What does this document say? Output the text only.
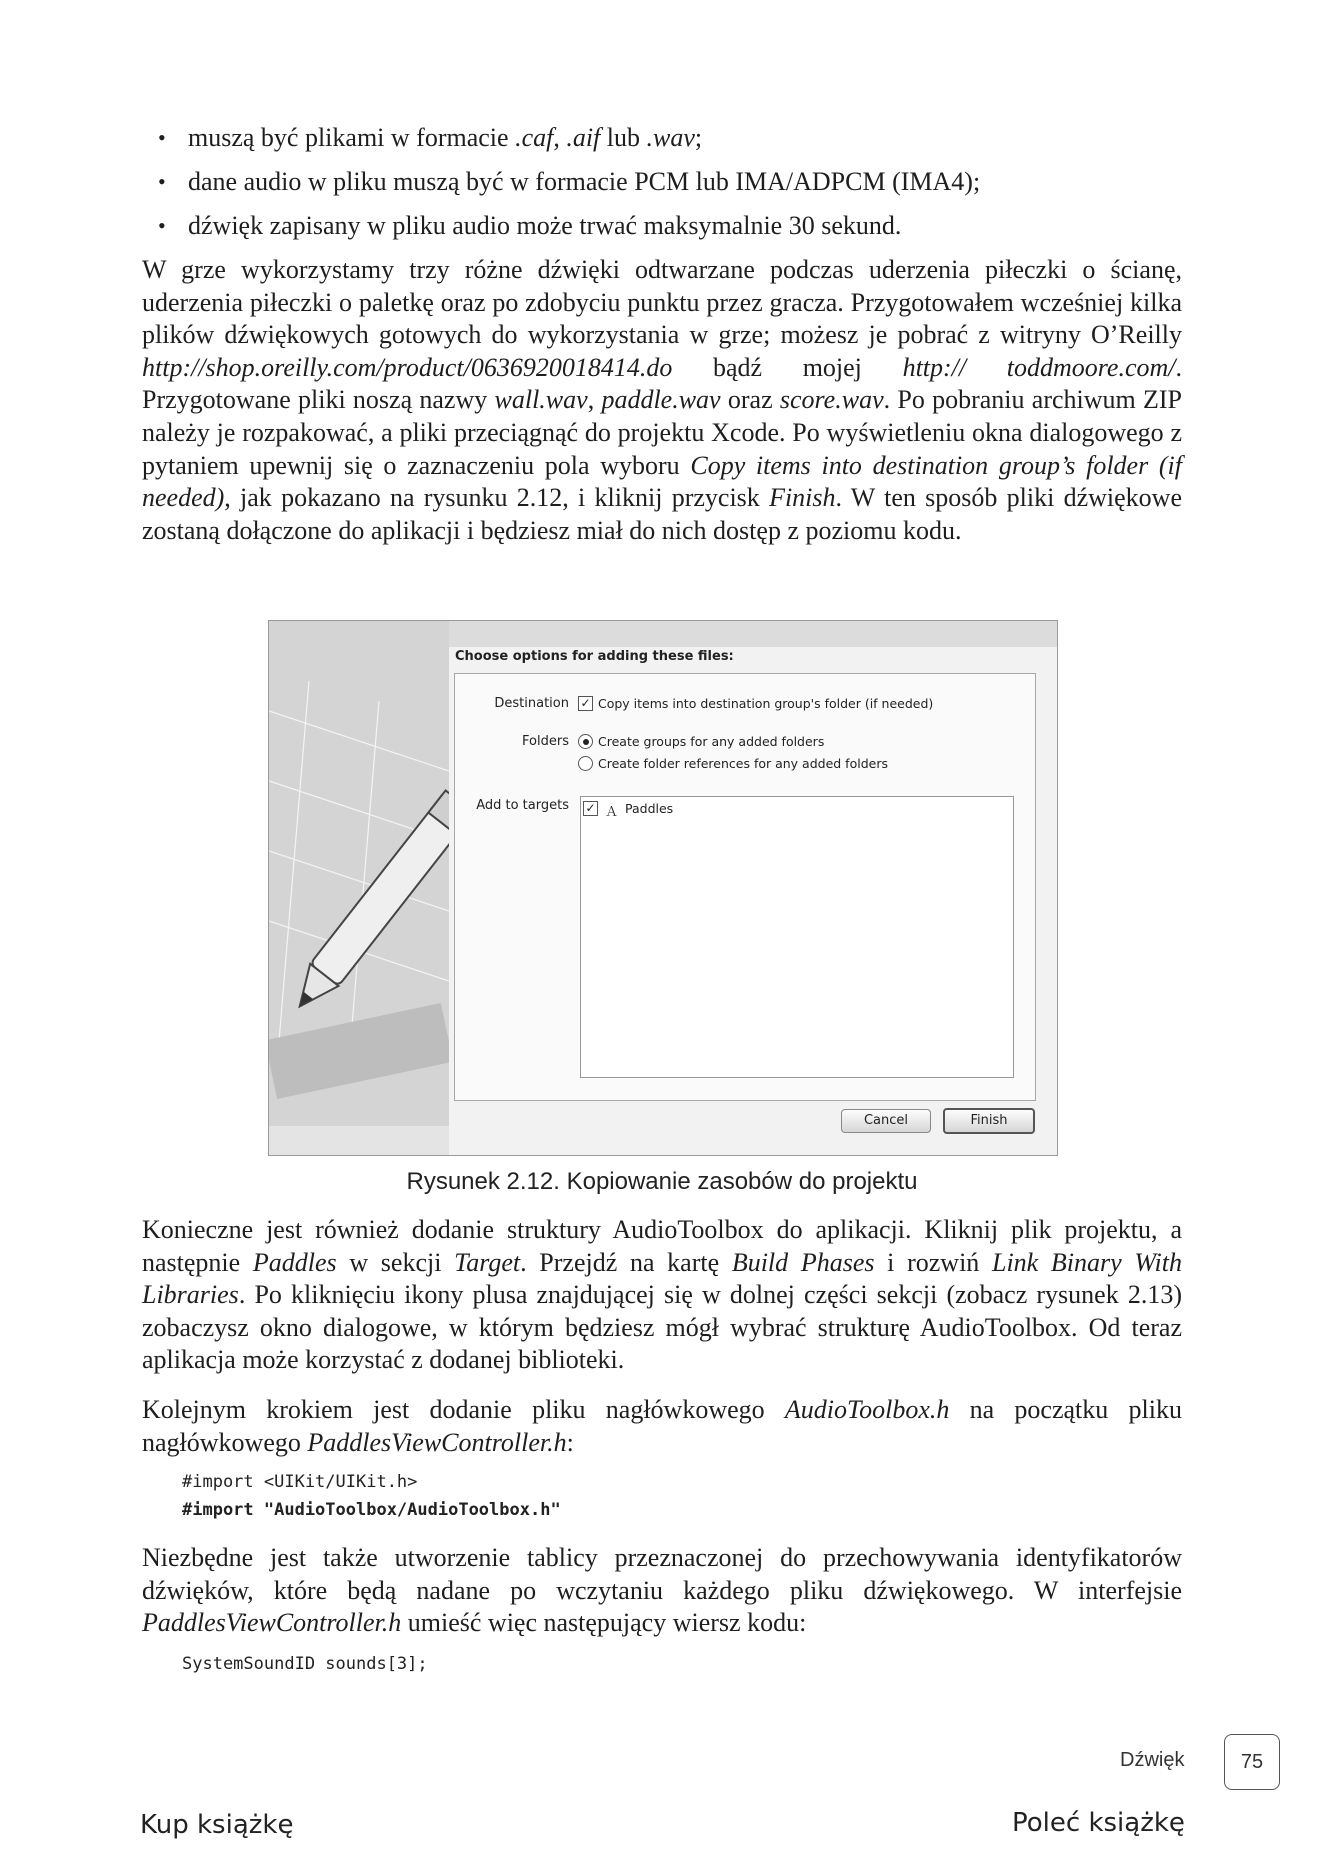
• muszą być plikami w formacie .caf, .aif lub .wav;
• dane audio w pliku muszą być w formacie PCM lub IMA/ADPCM (IMA4);
• dźwięk zapisany w pliku audio może trwać maksymalnie 30 sekund.

W grze wykorzystamy trzy różne dźwięki odtwarzane podczas uderzenia piłeczki o ścianę, uderzenia piłeczki o paletkę oraz po zdobyciu punktu przez gracza. Przygotowałem wcześniej kilka plików dźwiękowych gotowych do wykorzystania w grze; możesz je pobrać z witryny O’Reilly http://shop.oreilly.com/product/0636920018414.do bądź mojej http:// toddmoore.com/. Przygotowane pliki noszą nazwy wall.wav, paddle.wav oraz score.wav. Po pobraniu archiwum ZIP należy je rozpakować, a pliki przeciągnąć do projektu Xcode. Po wyświetleniu okna dialogowego z pytaniem upewnij się o zaznaczeniu pola wyboru Copy items into destination group’s folder (if needed), jak pokazano na rysunku 2.12, i kliknij przycisk Finish. W ten sposób pliki dźwiękowe zostaną dołączone do aplikacji i będziesz miał do nich dostęp z poziomu kodu.

Choose options for adding these files:
Destination ✓ Copy items into destination group's folder (if needed)
Folders Create groups for any added folders
Create folder references for any added folders
Add to targets ✓ Ａ Paddles
Cancel	Finish
Rysunek 2.12. Kopiowanie zasobów do projektu

Konieczne jest również dodanie struktury AudioToolbox do aplikacji. Kliknij plik projektu, a następnie Paddles w sekcji Target. Przejdź na kartę Build Phases i rozwiń Link Binary With Libraries. Po kliknięciu ikony plusa znajdującej się w dolnej części sekcji (zobacz rysunek 2.13) zobaczysz okno dialogowe, w którym będziesz mógł wybrać strukturę AudioToolbox. Od teraz aplikacja może korzystać z dodanej biblioteki.

Kolejnym krokiem jest dodanie pliku nagłówkowego AudioToolbox.h na początku pliku nagłówkowego PaddlesViewController.h:

#import <UIKit/UIKit.h>
#import "AudioToolbox/AudioToolbox.h"

Niezbędne jest także utworzenie tablicy przeznaczonej do przechowywania identyfikatorów dźwięków, które będą nadane po wczytaniu każdego pliku dźwiękowego. W interfejsie PaddlesViewController.h umieść więc następujący wiersz kodu:

SystemSoundID sounds[3];
Dźwięk	75
Kup książkę	Poleć książkę
